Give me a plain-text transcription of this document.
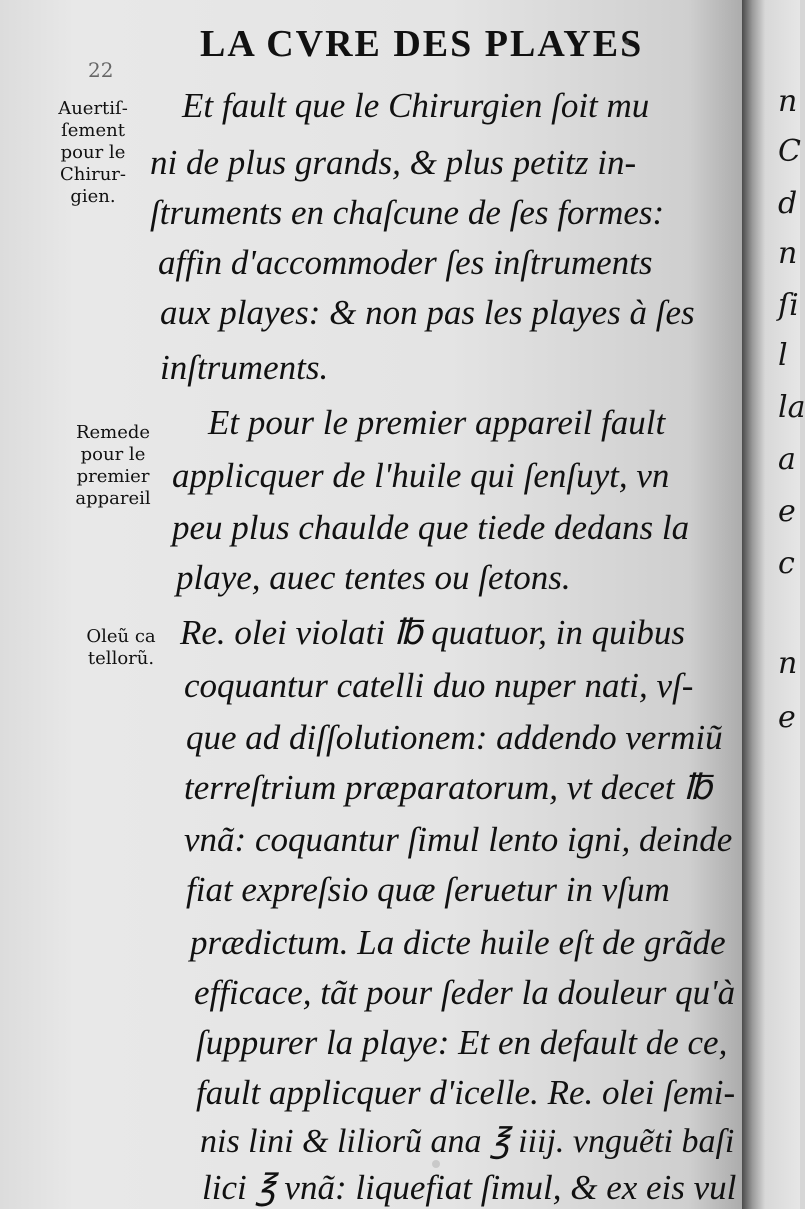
22
LA CVRE DES PLAYES
Auertiſ-
ſement
pour le
Chirur-
gien.
Remede
pour le
premier
appareil
Oleũ ca
tellorũ.
Et fault que le Chirurgien ſoit mu
ni de plus grands, & plus petitz in-
ſtruments en chaſcune de ſes formes:
affin d'accommoder ſes inſtruments
aux playes: & non pas les playes à ſes
inſtruments.
Et pour le premier appareil fault
applicquer de l'huile qui ſenſuyt, vn
peu plus chaulde que tiede dedans la
playe, auec tentes ou ſetons.
Re. olei violati ℔ quatuor, in quibus
coquantur catelli duo nuper nati, vſ-
que ad diſſolutionem: addendo vermiũ
terreſtrium præparatorum, vt decet ℔
vnã: coquantur ſimul lento igni, deinde
fiat expreſsio quæ ſeruetur in vſum
prædictum. La dicte huile eſt de grãde
efficace, tãt pour ſeder la douleur qu'à
ſuppurer la playe: Et en default de ce,
fault applicquer d'icelle. Re. olei ſemi-
nis lini & liliorũ ana ℥ iiij. vnguẽti baſi
lici ℥ vnã: liquefiat ſimul, & ex eis vul
n
C
d
n
ſi
l
la
a
e
c
n
e
